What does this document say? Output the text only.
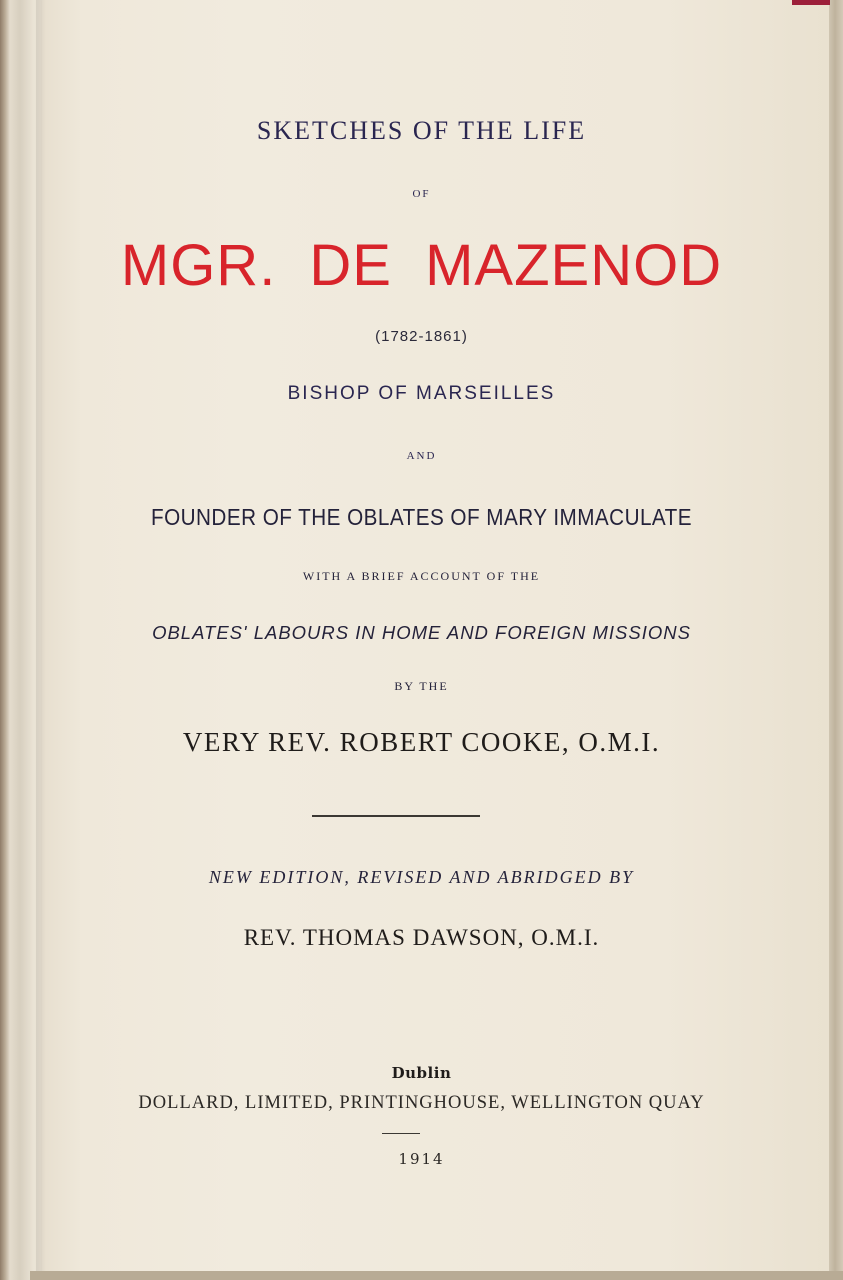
SKETCHES OF THE LIFE
OF
MGR. DE MAZENOD
(1782-1861)
BISHOP OF MARSEILLES
AND
FOUNDER OF THE OBLATES OF MARY IMMACULATE
WITH A BRIEF ACCOUNT OF THE
OBLATES' LABOURS IN HOME AND FOREIGN MISSIONS
BY THE
VERY REV. ROBERT COOKE, O.M.I.
NEW EDITION, REVISED AND ABRIDGED BY
REV. THOMAS DAWSON, O.M.I.
Dublin
DOLLARD, LIMITED, PRINTINGHOUSE, WELLINGTON QUAY
1914
